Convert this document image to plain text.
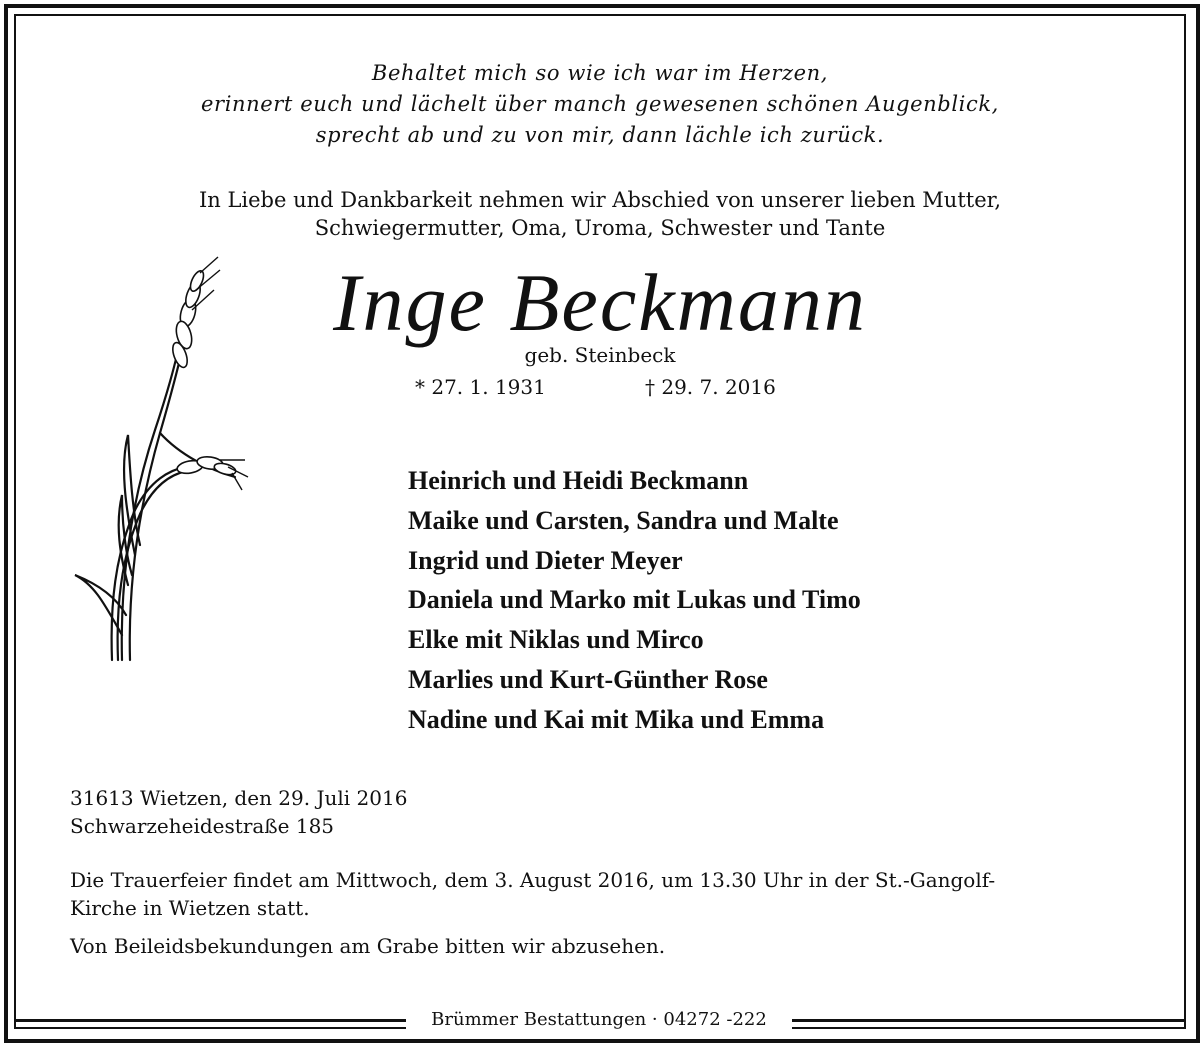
Behaltet mich so wie ich war im Herzen,
erinnert euch und lächelt über manch gewesenen schönen Augenblick,
sprecht ab und zu von mir, dann lächle ich zurück.
In Liebe und Dankbarkeit nehmen wir Abschied von unserer lieben Mutter,
Schwiegermutter, Oma, Uroma, Schwester und Tante
Inge Beckmann
geb. Steinbeck
* 27. 1. 1931	† 29. 7. 2016
Heinrich und Heidi Beckmann
Maike und Carsten, Sandra und Malte
Ingrid und Dieter Meyer
Daniela und Marko mit Lukas und Timo
Elke mit Niklas und Mirco
Marlies und Kurt-Günther Rose
Nadine und Kai mit Mika und Emma
31613 Wietzen, den 29. Juli 2016
Schwarzeheidestraße 185
Die Trauerfeier findet am Mittwoch, dem 3. August 2016, um 13.30 Uhr in der St.-Gangolf-
Kirche in Wietzen statt.
Von Beileidsbekundungen am Grabe bitten wir abzusehen.
Brümmer Bestattungen · 04272 -222
